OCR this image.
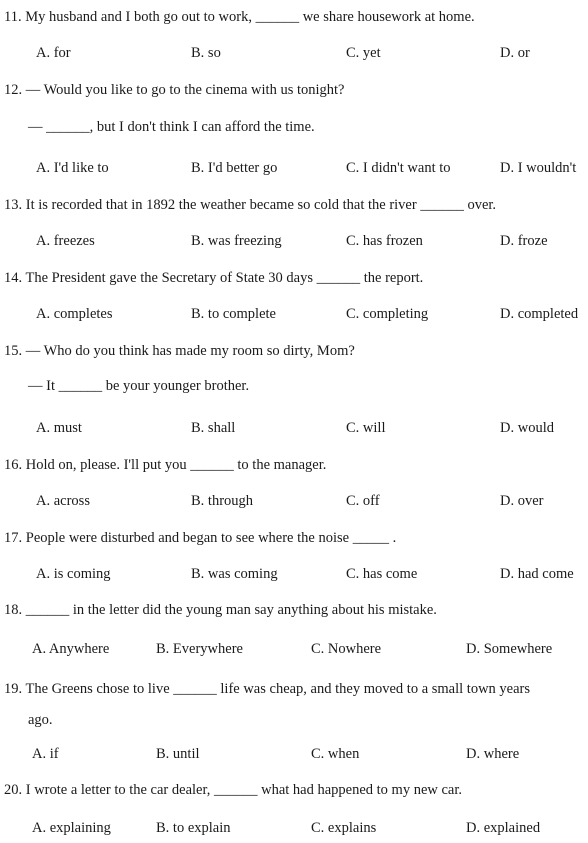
11. My husband and I both go out to work, ______ we share housework at home.
A. for	B. so	C. yet	D. or
12. — Would you like to go to the cinema with us tonight?
— ______, but I don't think I can afford the time.
A. I'd like to	B. I'd better go	C. I didn't want to	D. I wouldn't
13. It is recorded that in 1892 the weather became so cold that the river ______ over.
A. freezes	B. was freezing	C. has frozen	D. froze
14. The President gave the Secretary of State 30 days ______ the report.
A. completes	B. to complete	C. completing	D. completed
15. — Who do you think has made my room so dirty, Mom?
— It ______ be your younger brother.
A. must	B. shall	C. will	D. would
16. Hold on, please. I'll put you ______ to the manager.
A. across	B. through	C. off	D. over
17. People were disturbed and began to see where the noise _____ .
A. is coming	B. was coming	C. has come	D. had come
18. ______ in the letter did the young man say anything about his mistake.
A. Anywhere	B. Everywhere	C. Nowhere	D. Somewhere
19. The Greens chose to live ______ life was cheap, and they moved to a small town years
ago.
A. if	B. until	C. when	D. where
20. I wrote a letter to the car dealer, ______ what had happened to my new car.
A. explaining	B. to explain	C. explains	D. explained
